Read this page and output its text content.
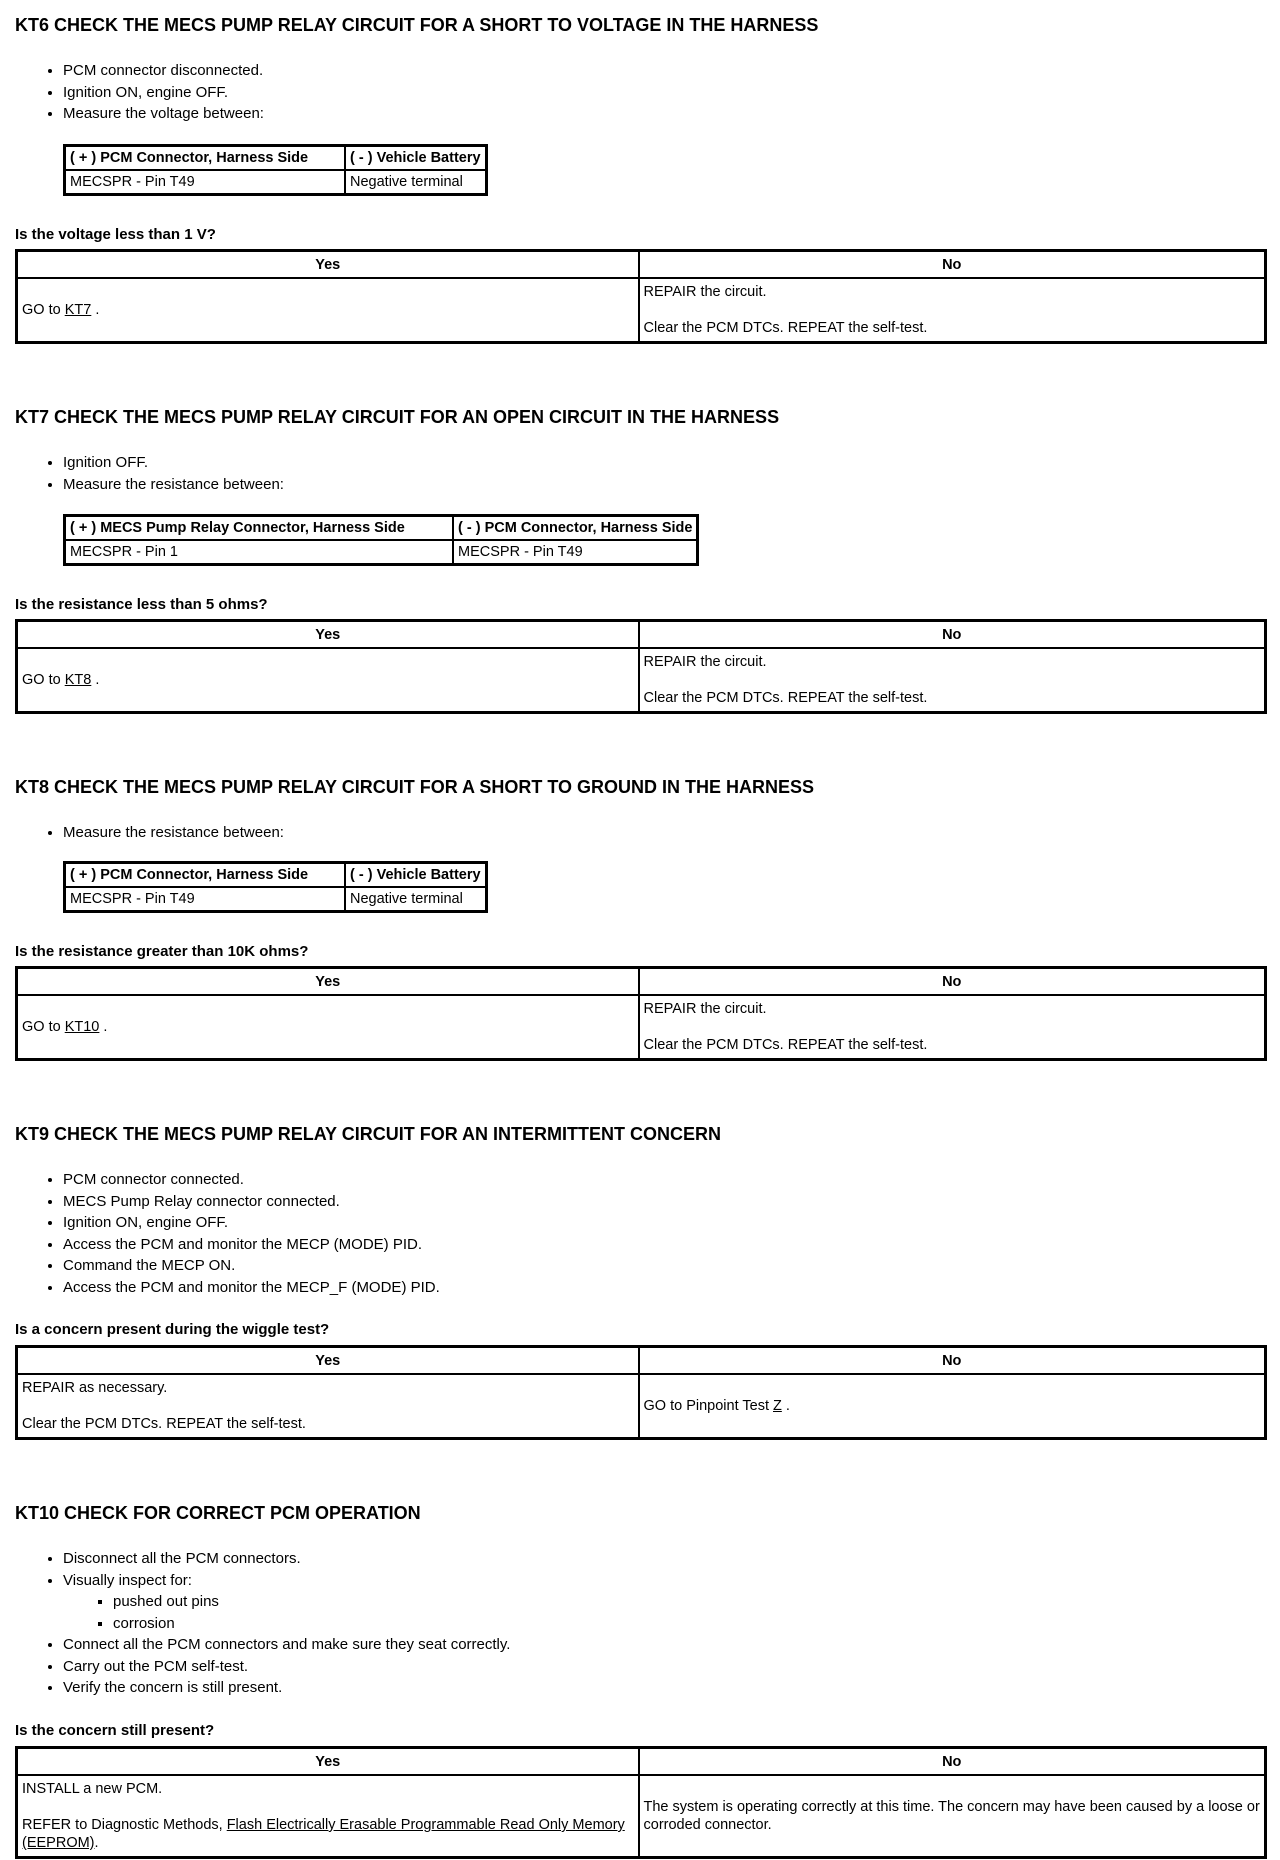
KT6 CHECK THE MECS PUMP RELAY CIRCUIT FOR A SHORT TO VOLTAGE IN THE HARNESS
• PCM connector disconnected.
• Ignition ON, engine OFF.
• Measure the voltage between:
( + ) PCM Connector, Harness Side	( - ) Vehicle Battery
MECSPR - Pin T49	Negative terminal
Is the voltage less than 1 V?
Yes	No
GO to KT7 .	REPAIR the circuit.
Clear the PCM DTCs. REPEAT the self-test.
KT7 CHECK THE MECS PUMP RELAY CIRCUIT FOR AN OPEN CIRCUIT IN THE HARNESS
• Ignition OFF.
• Measure the resistance between:
( + ) MECS Pump Relay Connector, Harness Side	( - ) PCM Connector, Harness Side
MECSPR - Pin 1	MECSPR - Pin T49
Is the resistance less than 5 ohms?
Yes	No
GO to KT8 .	REPAIR the circuit.
Clear the PCM DTCs. REPEAT the self-test.
KT8 CHECK THE MECS PUMP RELAY CIRCUIT FOR A SHORT TO GROUND IN THE HARNESS
• Measure the resistance between:
( + ) PCM Connector, Harness Side	( - ) Vehicle Battery
MECSPR - Pin T49	Negative terminal
Is the resistance greater than 10K ohms?
Yes	No
GO to KT10 .	REPAIR the circuit.
Clear the PCM DTCs. REPEAT the self-test.
KT9 CHECK THE MECS PUMP RELAY CIRCUIT FOR AN INTERMITTENT CONCERN
• PCM connector connected.
• MECS Pump Relay connector connected.
• Ignition ON, engine OFF.
• Access the PCM and monitor the MECP (MODE) PID.
• Command the MECP ON.
• Access the PCM and monitor the MECP_F (MODE) PID.
Is a concern present during the wiggle test?
Yes	No
REPAIR as necessary.
Clear the PCM DTCs. REPEAT the self-test.	GO to Pinpoint Test Z .
KT10 CHECK FOR CORRECT PCM OPERATION
• Disconnect all the PCM connectors.
• Visually inspect for:
▪ pushed out pins
▪ corrosion
• Connect all the PCM connectors and make sure they seat correctly.
• Carry out the PCM self-test.
• Verify the concern is still present.
Is the concern still present?
Yes	No
INSTALL a new PCM.
REFER to Diagnostic Methods, Flash Electrically Erasable Programmable Read Only Memory (EEPROM).	The system is operating correctly at this time. The concern may have been caused by a loose or corroded connector.
